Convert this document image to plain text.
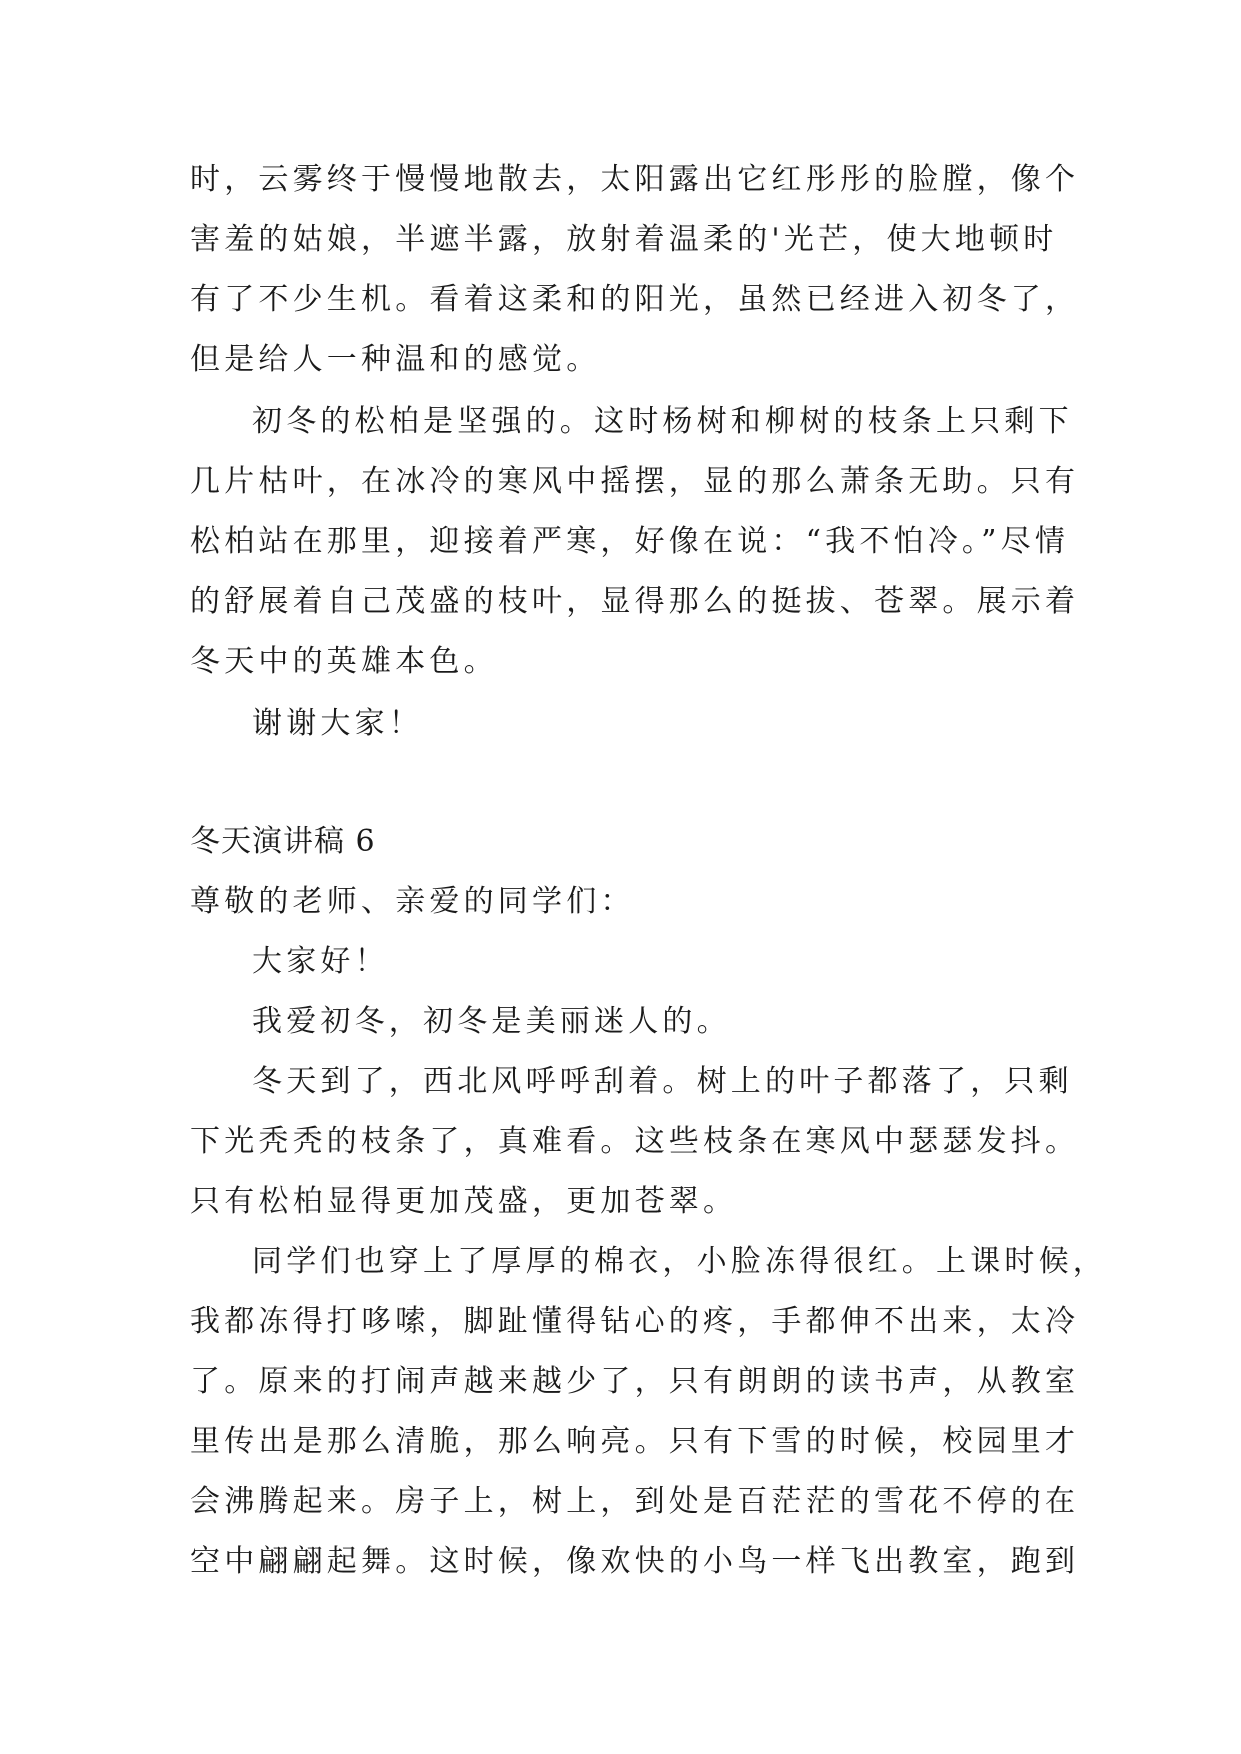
时，云雾终于慢慢地散去，太阳露出它红彤彤的脸膛，像个
害羞的姑娘，半遮半露，放射着温柔的'光芒，使大地顿时
有了不少生机。看着这柔和的阳光，虽然已经进入初冬了，
但是给人一种温和的感觉。
初冬的松柏是坚强的。这时杨树和柳树的枝条上只剩下
几片枯叶，在冰冷的寒风中摇摆，显的那么萧条无助。只有
松柏站在那里，迎接着严寒，好像在说：“我不怕冷。”尽情
的舒展着自己茂盛的枝叶，显得那么的挺拔、苍翠。展示着
冬天中的英雄本色。
谢谢大家！
冬天演讲稿 6
尊敬的老师、亲爱的同学们：
大家好！
我爱初冬，初冬是美丽迷人的。
冬天到了，西北风呼呼刮着。树上的叶子都落了，只剩
下光秃秃的枝条了，真难看。这些枝条在寒风中瑟瑟发抖。
只有松柏显得更加茂盛，更加苍翠。
同学们也穿上了厚厚的棉衣，小脸冻得很红。上课时候，
我都冻得打哆嗦，脚趾懂得钻心的疼，手都伸不出来，太冷
了。原来的打闹声越来越少了，只有朗朗的读书声，从教室
里传出是那么清脆，那么响亮。只有下雪的时候，校园里才
会沸腾起来。房子上，树上，到处是百茫茫的雪花不停的在
空中翩翩起舞。这时候，像欢快的小鸟一样飞出教室，跑到
